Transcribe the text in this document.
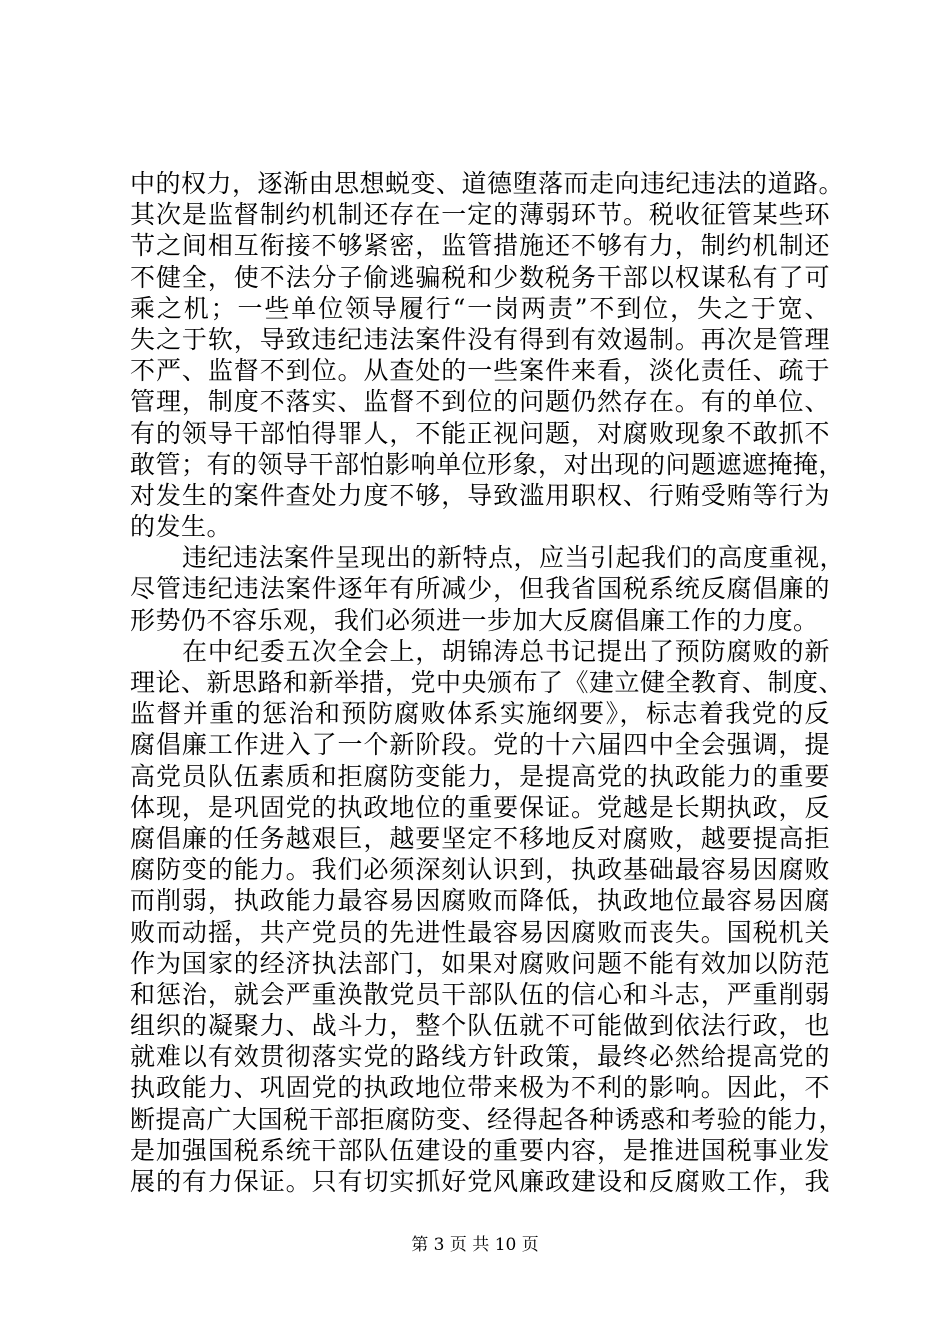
中的权力，逐渐由思想蜕变、道德堕落而走向违纪违法的道路。
其次是监督制约机制还存在一定的薄弱环节。税收征管某些环
节之间相互衔接不够紧密，监管措施还不够有力，制约机制还
不健全，使不法分子偷逃骗税和少数税务干部以权谋私有了可
乘之机；一些单位领导履行“一岗两责”不到位，失之于宽、
失之于软，导致违纪违法案件没有得到有效遏制。再次是管理
不严、监督不到位。从查处的一些案件来看，淡化责任、疏于
管理，制度不落实、监督不到位的问题仍然存在。有的单位、
有的领导干部怕得罪人，不能正视问题，对腐败现象不敢抓不
敢管；有的领导干部怕影响单位形象，对出现的问题遮遮掩掩，
对发生的案件查处力度不够，导致滥用职权、行贿受贿等行为
的发生。
违纪违法案件呈现出的新特点，应当引起我们的高度重视，
尽管违纪违法案件逐年有所减少，但我省国税系统反腐倡廉的
形势仍不容乐观，我们必须进一步加大反腐倡廉工作的力度。
在中纪委五次全会上，胡锦涛总书记提出了预防腐败的新
理论、新思路和新举措，党中央颁布了《建立健全教育、制度、
监督并重的惩治和预防腐败体系实施纲要》，标志着我党的反
腐倡廉工作进入了一个新阶段。党的十六届四中全会强调，提
高党员队伍素质和拒腐防变能力，是提高党的执政能力的重要
体现，是巩固党的执政地位的重要保证。党越是长期执政，反
腐倡廉的任务越艰巨，越要坚定不移地反对腐败，越要提高拒
腐防变的能力。我们必须深刻认识到，执政基础最容易因腐败
而削弱，执政能力最容易因腐败而降低，执政地位最容易因腐
败而动摇，共产党员的先进性最容易因腐败而丧失。国税机关
作为国家的经济执法部门，如果对腐败问题不能有效加以防范
和惩治，就会严重涣散党员干部队伍的信心和斗志，严重削弱
组织的凝聚力、战斗力，整个队伍就不可能做到依法行政，也
就难以有效贯彻落实党的路线方针政策，最终必然给提高党的
执政能力、巩固党的执政地位带来极为不利的影响。因此，不
断提高广大国税干部拒腐防变、经得起各种诱惑和考验的能力，
是加强国税系统干部队伍建设的重要内容，是推进国税事业发
展的有力保证。只有切实抓好党风廉政建设和反腐败工作，我
第 3 页 共 10 页
